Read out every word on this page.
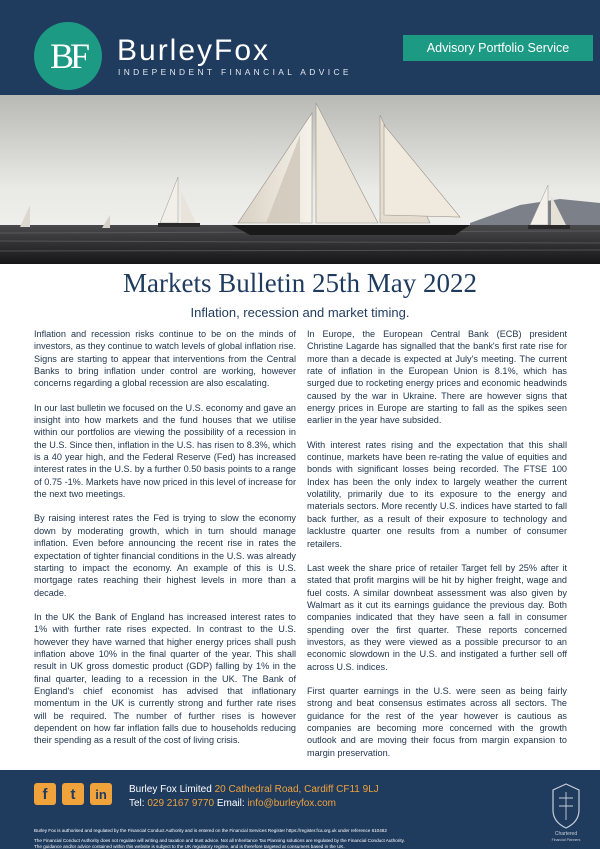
BF BurleyFox
INDEPENDENT FINANCIAL ADVICE
Advisory Portfolio Service
Markets Bulletin 25th May 2022
Inflation, recession and market timing.

Inflation and recession risks continue to be on the minds of investors, as they continue to watch levels of global inflation rise. Signs are starting to appear that interventions from the Central Banks to bring inflation under control are working, however concerns regarding a global recession are also escalating.

In our last bulletin we focused on the U.S. economy and gave an insight into how markets and the fund houses that we utilise within our portfolios are viewing the possibility of a recession in the U.S. Since then, inflation in the U.S. has risen to 8.3%, which is a 40 year high, and the Federal Reserve (Fed) has increased interest rates in the U.S. by a further 0.50 basis points to a range of 0.75 -1%. Markets have now priced in this level of increase for the next two meetings.

By raising interest rates the Fed is trying to slow the economy down by moderating growth, which in turn should manage inflation. Even before announcing the recent rise in rates the expectation of tighter financial conditions in the U.S. was already starting to impact the economy. An example of this is U.S. mortgage rates reaching their highest levels in more than a decade.

In the UK the Bank of England has increased interest rates to 1% with further rate rises expected. In contrast to the U.S. however they have warned that higher energy prices shall push inflation above 10% in the final quarter of the year. This shall result in UK gross domestic product (GDP) falling by 1% in the final quarter, leading to a recession in the UK. The Bank of England's chief economist has advised that inflationary momentum in the UK is currently strong and further rate rises will be required. The number of further rises is however dependent on how far inflation falls due to households reducing their spending as a result of the cost of living crisis.

In Europe, the European Central Bank (ECB) president Christine Lagarde has signalled that the bank's first rate rise for more than a decade is expected at July's meeting. The current rate of inflation in the European Union is 8.1%, which has surged due to rocketing energy prices and economic headwinds caused by the war in Ukraine. There are however signs that energy prices in Europe are starting to fall as the spikes seen earlier in the year have subsided.

With interest rates rising and the expectation that this shall continue, markets have been re-rating the value of equities and bonds with significant losses being recorded. The FTSE 100 Index has been the only index to largely weather the current volatility, primarily due to its exposure to the energy and materials sectors. More recently U.S. indices have started to fall back further, as a result of their exposure to technology and lacklustre quarter one results from a number of consumer retailers.

Last week the share price of retailer Target fell by 25% after it stated that profit margins will be hit by higher freight, wage and fuel costs. A similar downbeat assessment was also given by Walmart as it cut its earnings guidance the previous day. Both companies indicated that they have seen a fall in consumer spending over the first quarter. These reports concerned investors, as they were viewed as a possible precursor to an economic slowdown in the U.S. and instigated a further sell off across U.S. indices.

First quarter earnings in the U.S. were seen as being fairly strong and beat consensus estimates across all sectors. The guidance for the rest of the year however is cautious as companies are becoming more concerned with the growth outlook and are moving their focus from margin expansion to margin preservation.

f t in Burley Fox Limited 20 Cathedral Road, Cardiff CF11 9LJ
Tel: 029 2167 9770 Email: info@burleyfox.com
Burley Fox is authorised and regulated by the Financial Conduct Authority and is entered on the Financial Services Register https://register.fca.org.uk under reference 610482
The Financial Conduct Authority does not regulate will writing and taxation and trust advice. Not all Inheritance Tax Planning solutions are regulated by the Financial Conduct Authority.
The guidance and/or advice contained within this website is subject to the UK regulatory regime, and is therefore targeted at consumers based in the UK.
Chartered
Financial Planners
